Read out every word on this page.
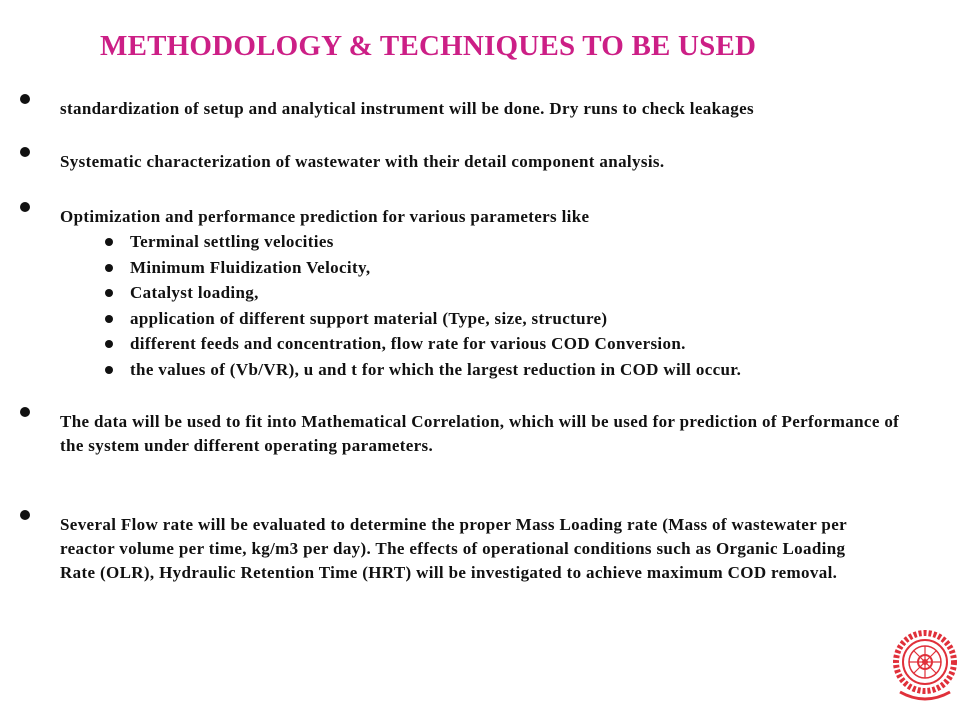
METHODOLOGY & TECHNIQUES TO BE USED
standardization of setup and analytical instrument will be done. Dry runs to check leakages
Systematic characterization of wastewater with their detail component analysis.
Optimization and performance prediction for various parameters like
Terminal settling velocities
Minimum Fluidization Velocity,
Catalyst loading,
application of different support material (Type, size, structure)
different feeds and concentration, flow rate for various COD Conversion.
the values of (Vb/VR), u and t for which the largest reduction in COD will occur.
The data will be used to fit into Mathematical Correlation, which will be used for prediction of Performance of the system under different operating parameters.
Several Flow rate will be evaluated to determine the proper Mass Loading rate (Mass of wastewater per reactor volume per time, kg/m3 per day). The effects of operational conditions such as Organic Loading Rate (OLR), Hydraulic Retention Time (HRT) will be investigated to achieve maximum COD removal.
